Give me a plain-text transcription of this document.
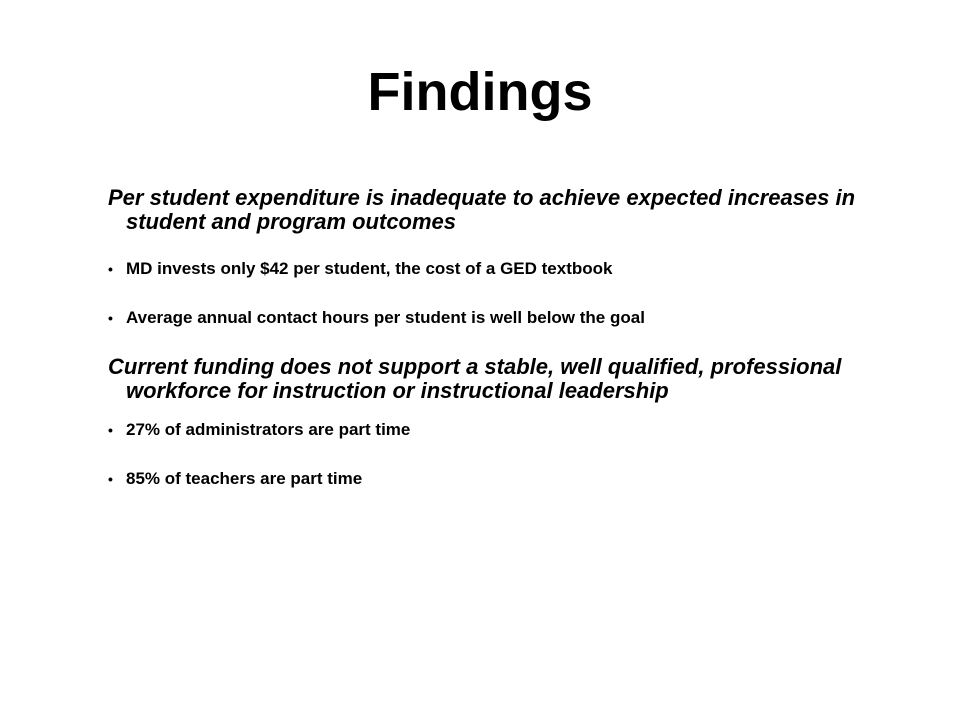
Findings

Per student expenditure is inadequate to achieve expected increases in student and program outcomes

• MD invests only $42 per student, the cost of a GED textbook
• Average annual contact hours per student is well below the goal

Current funding does not support a stable, well qualified, professional workforce for instruction or instructional leadership

• 27% of administrators are part time
• 85% of teachers are part time
